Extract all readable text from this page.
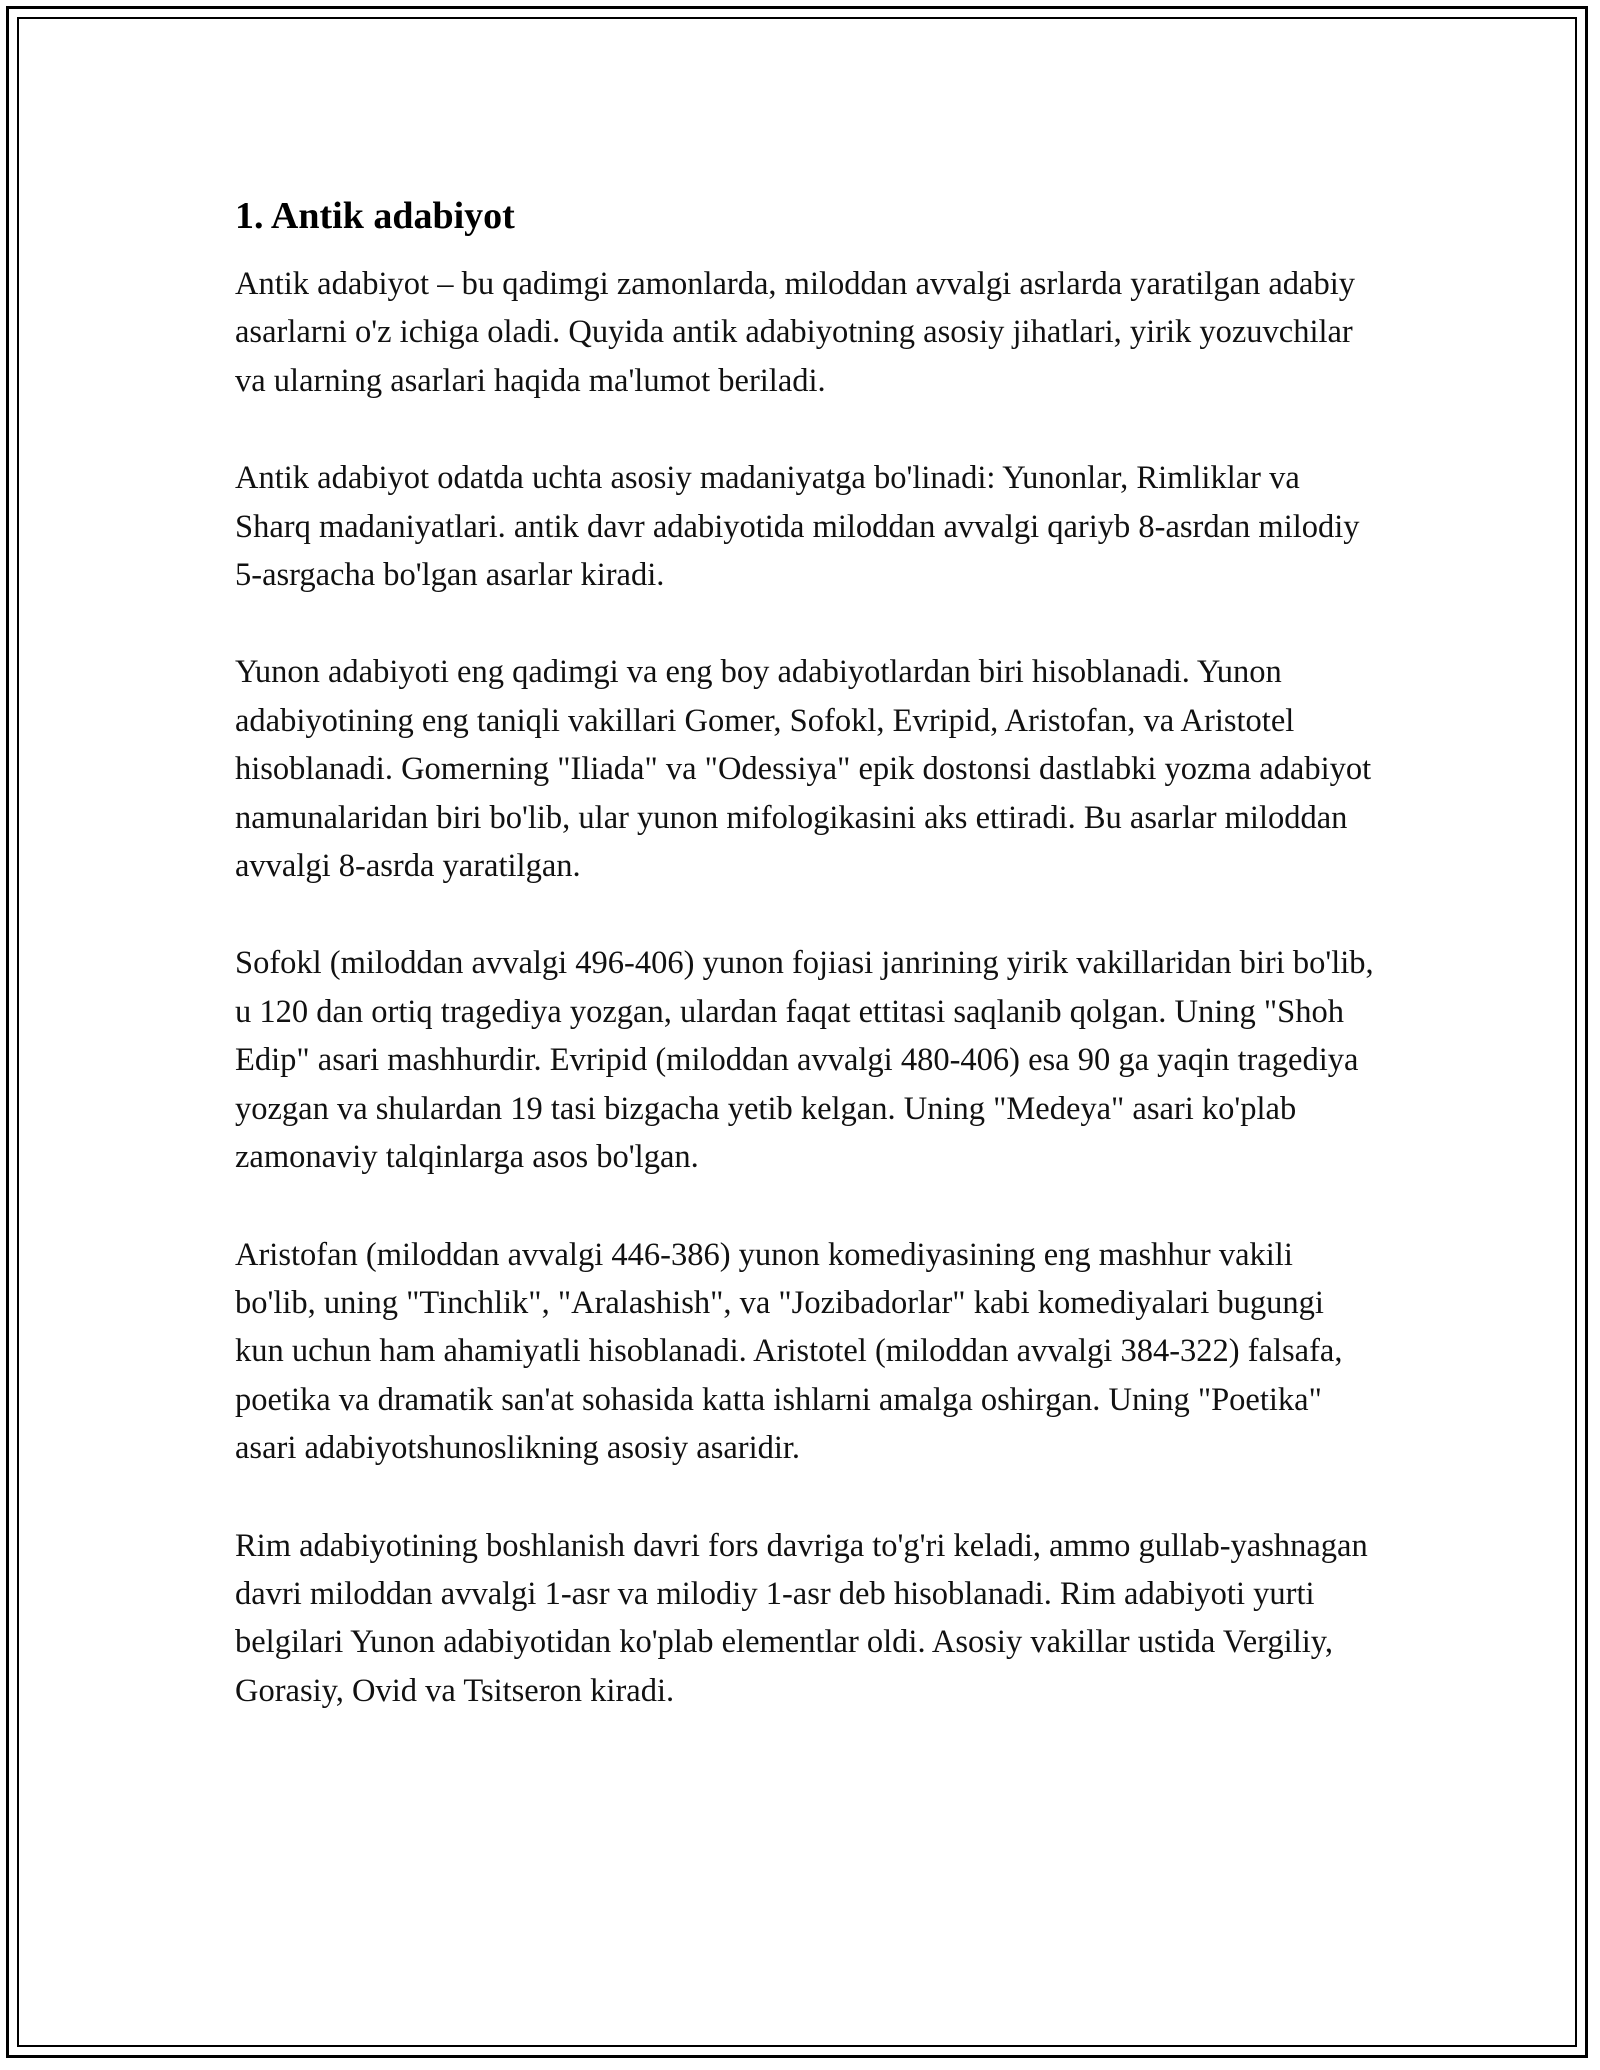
1. Antik adabiyot

Antik adabiyot – bu qadimgi zamonlarda, miloddan avvalgi asrlarda yaratilgan adabiy asarlarni o'z ichiga oladi. Quyida antik adabiyotning asosiy jihatlari, yirik yozuvchilar va ularning asarlari haqida ma'lumot beriladi.

Antik adabiyot odatda uchta asosiy madaniyatga bo'linadi: Yunonlar, Rimliklar va Sharq madaniyatlari. antik davr adabiyotida miloddan avvalgi qariyb 8-asrdan milodiy 5-asrgacha bo'lgan asarlar kiradi.

Yunon adabiyoti eng qadimgi va eng boy adabiyotlardan biri hisoblanadi. Yunon adabiyotining eng taniqli vakillari Gomer, Sofokl, Evripid, Aristofan, va Aristotel hisoblanadi. Gomerning "Iliada" va "Odessiya" epik dostonsi dastlabki yozma adabiyot namunalaridan biri bo'lib, ular yunon mifologikasini aks ettiradi. Bu asarlar miloddan avvalgi 8-asrda yaratilgan.

Sofokl (miloddan avvalgi 496-406) yunon fojiasi janrining yirik vakillaridan biri bo'lib, u 120 dan ortiq tragediya yozgan, ulardan faqat ettitasi saqlanib qolgan. Uning "Shoh Edip" asari mashhurdir. Evripid (miloddan avvalgi 480-406) esa 90 ga yaqin tragediya yozgan va shulardan 19 tasi bizgacha yetib kelgan. Uning "Medeya" asari ko'plab zamonaviy talqinlarga asos bo'lgan.

Aristofan (miloddan avvalgi 446-386) yunon komediyasining eng mashhur vakili bo'lib, uning "Tinchlik", "Aralashish", va "Jozibadorlar" kabi komediyalari bugungi kun uchun ham ahamiyatli hisoblanadi. Aristotel (miloddan avvalgi 384-322) falsafa, poetika va dramatik san'at sohasida katta ishlarni amalga oshirgan. Uning "Poetika" asari adabiyotshunoslikning asosiy asaridir.

Rim adabiyotining boshlanish davri fors davriga to'g'ri keladi, ammo gullab-yashnagan davri miloddan avvalgi 1-asr va milodiy 1-asr deb hisoblanadi. Rim adabiyoti yurti belgilari Yunon adabiyotidan ko'plab elementlar oldi. Asosiy vakillar ustida Vergiliy, Gorasiy, Ovid va Tsitseron kiradi.
